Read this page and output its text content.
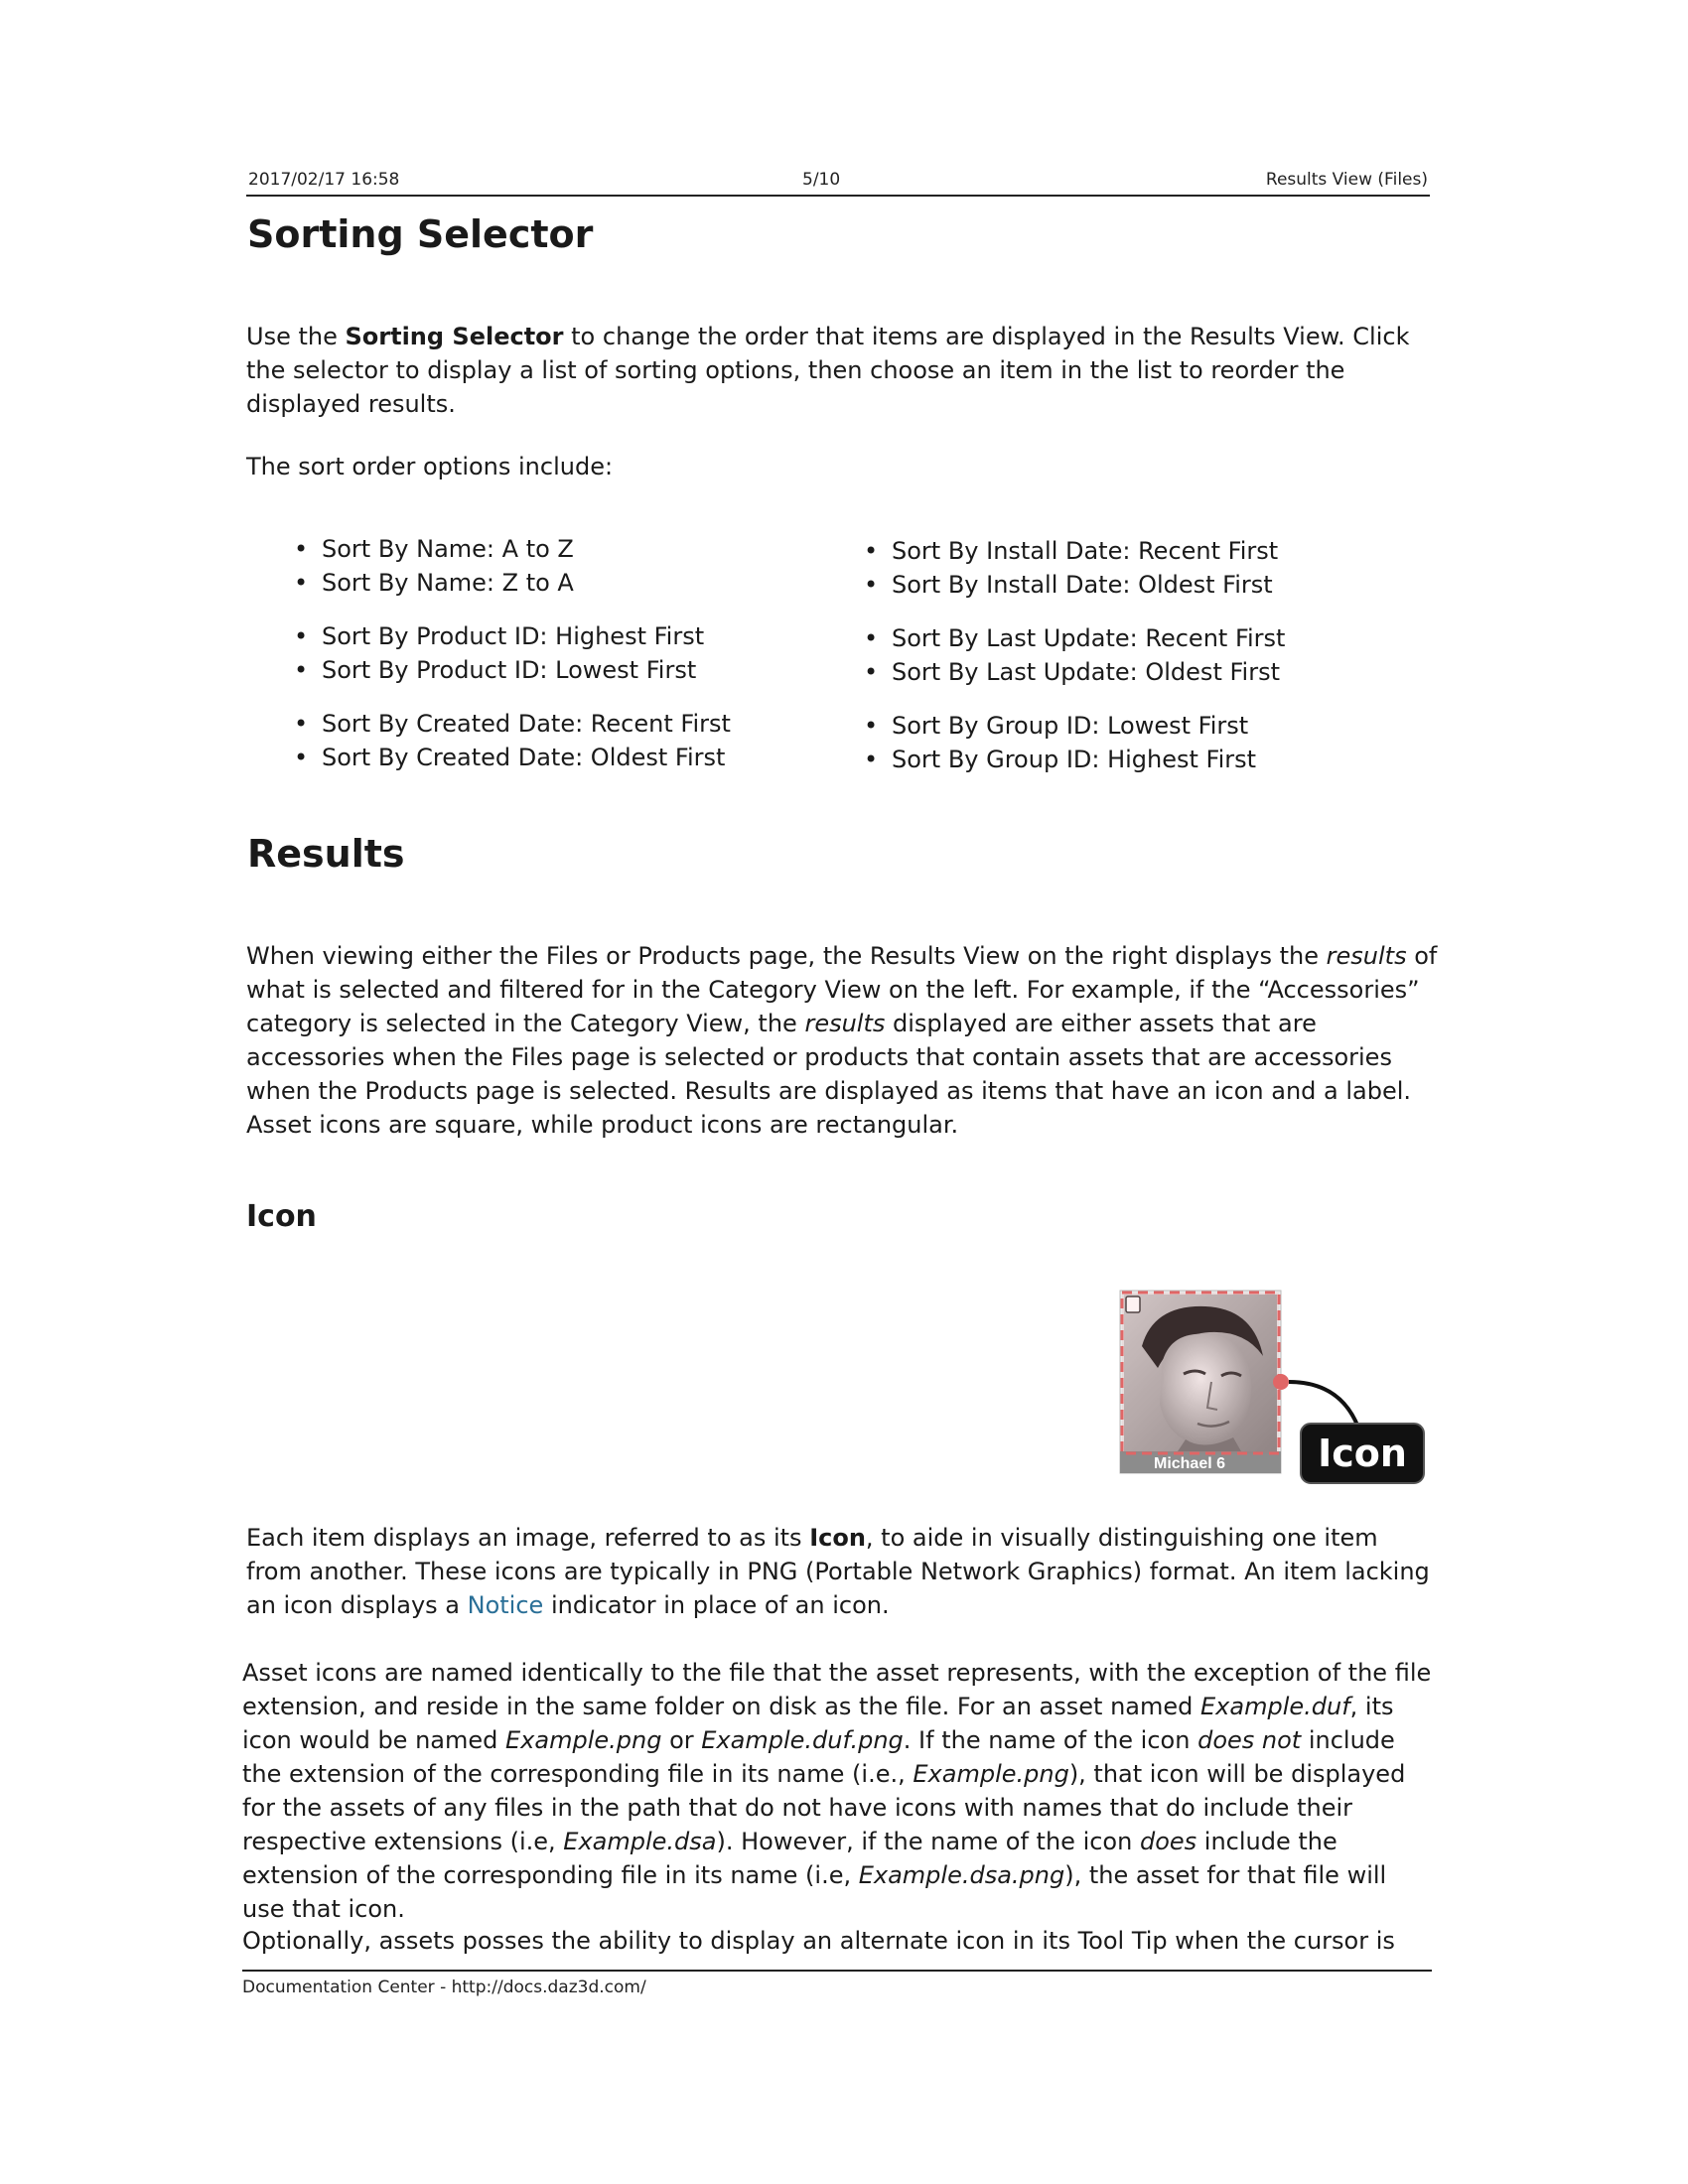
2017/02/17 16:58	5/10	Results View (Files)
Sorting Selector

Use the Sorting Selector to change the order that items are displayed in the Results View. Click the selector to display a list of sorting options, then choose an item in the list to reorder the displayed results.

The sort order options include:

• Sort By Name: A to Z
• Sort By Name: Z to A
• Sort By Product ID: Highest First
• Sort By Product ID: Lowest First
• Sort By Created Date: Recent First
• Sort By Created Date: Oldest First
• Sort By Install Date: Recent First
• Sort By Install Date: Oldest First
• Sort By Last Update: Recent First
• Sort By Last Update: Oldest First
• Sort By Group ID: Lowest First
• Sort By Group ID: Highest First
Results

When viewing either the Files or Products page, the Results View on the right displays the results of what is selected and filtered for in the Category View on the left. For example, if the “Accessories” category is selected in the Category View, the results displayed are either assets that are accessories when the Files page is selected or products that contain assets that are accessories when the Products page is selected. Results are displayed as items that have an icon and a label. Asset icons are square, while product icons are rectangular.

Icon
Michael 6 Icon

Each item displays an image, referred to as its Icon, to aide in visually distinguishing one item from another. These icons are typically in PNG (Portable Network Graphics) format. An item lacking an icon displays a Notice indicator in place of an icon.

Asset icons are named identically to the file that the asset represents, with the exception of the file extension, and reside in the same folder on disk as the file. For an asset named Example.duf, its icon would be named Example.png or Example.duf.png. If the name of the icon does not include the extension of the corresponding file in its name (i.e., Example.png), that icon will be displayed for the assets of any files in the path that do not have icons with names that do include their respective extensions (i.e, Example.dsa). However, if the name of the icon does include the extension of the corresponding file in its name (i.e, Example.dsa.png), the asset for that file will use that icon.

Optionally, assets posses the ability to display an alternate icon in its Tool Tip when the cursor is

Documentation Center - http://docs.daz3d.com/
